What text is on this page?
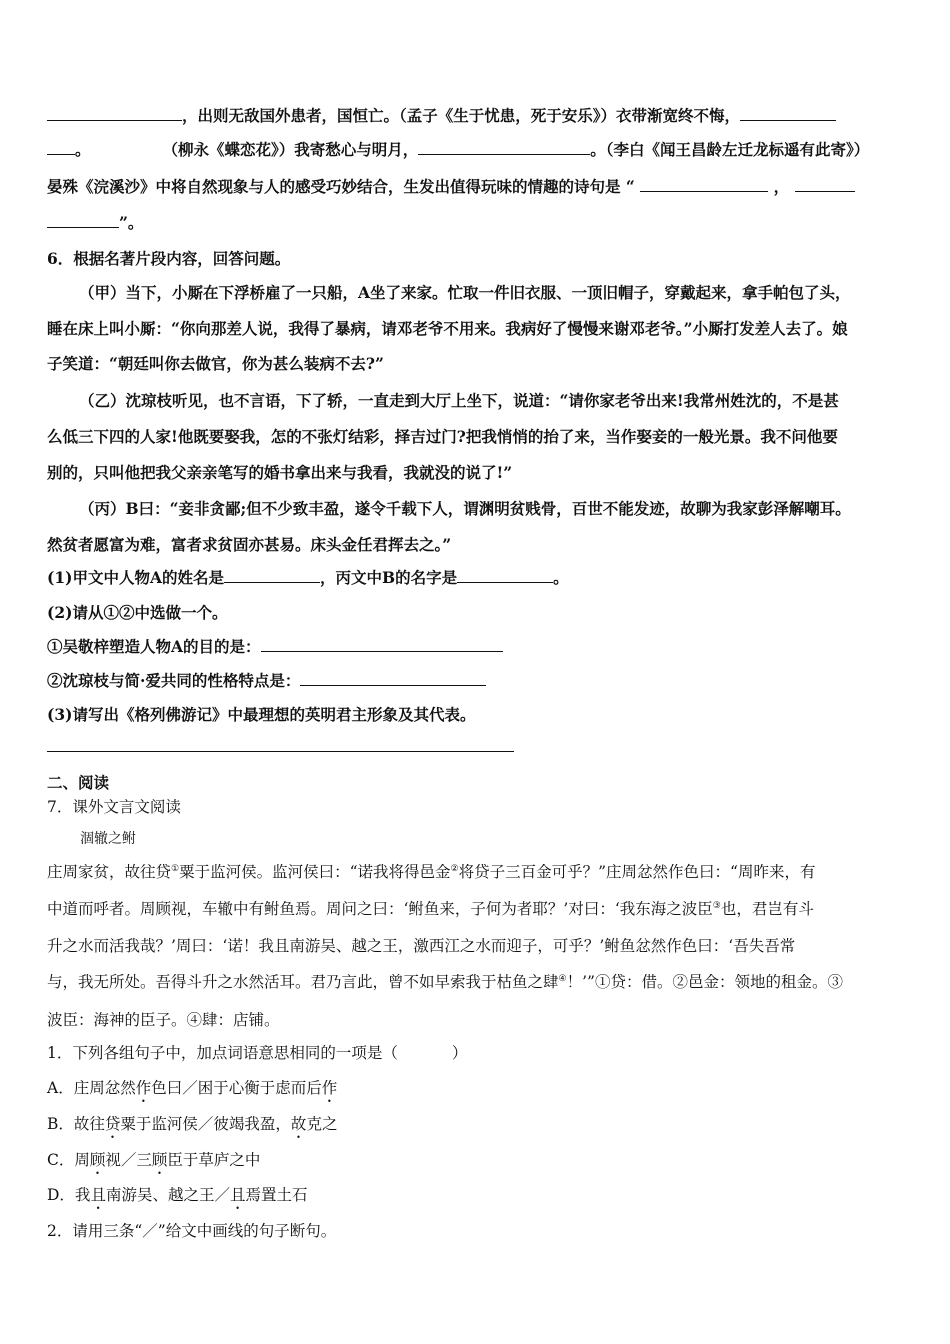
，出则无敌国外患者，国恒亡。（孟子《生于忧患，死于安乐》）衣带渐宽终不悔，
。	（柳永《蝶恋花》）我寄愁心与明月，	。（李白《闻王昌龄左迁龙标遥有此寄》）
晏殊《浣溪沙》中将自然现象与人的感受巧妙结合，生发出值得玩味的情趣的诗句是 “	，
”。
6．根据名著片段内容，回答问题。
（甲）当下，小厮在下浮桥雇了一只船，A坐了来家。忙取一件旧衣服、一顶旧帽子，穿戴起来，拿手帕包了头，
睡在床上叫小厮：“你向那差人说，我得了暴病，请邓老爷不用来。我病好了慢慢来谢邓老爷。”小厮打发差人去了。娘
子笑道：“朝廷叫你去做官，你为甚么装病不去?”
（乙）沈琼枝听见，也不言语，下了轿，一直走到大厅上坐下，说道：“请你家老爷出来!我常州姓沈的，不是甚
么低三下四的人家!他既要娶我，怎的不张灯结彩，择吉过门?把我悄悄的抬了来，当作娶妾的一般光景。我不问他要
别的，只叫他把我父亲亲笔写的婚书拿出来与我看，我就没的说了!”
（丙）B曰：“妾非贪鄙;但不少致丰盈，遂令千载下人，谓渊明贫贱骨，百世不能发迹，故聊为我家彭泽解嘲耳。
然贫者愿富为难，富者求贫固亦甚易。床头金任君挥去之。”
(1)甲文中人物A的姓名是	，丙文中B的名字是	。
(2)请从①②中选做一个。
①吴敬梓塑造人物A的目的是：
②沈琼枝与简·爱共同的性格特点是：
(3)请写出《格列佛游记》中最理想的英明君主形象及其代表。
二、阅读
7．课外文言文阅读
涸辙之鲋
庄周家贫，故往贷①粟于监河侯。监河侯曰：“诺我将得邑金②将贷子三百金可乎？”庄周忿然作色曰：“周昨来，有
中道而呼者。周顾视，车辙中有鲋鱼焉。周问之曰：‘鲋鱼来，子何为者耶？’对曰：‘我东海之波臣③也，君岂有斗
升之水而活我哉？’周曰：‘诺！我且南游吴、越之王，激西江之水而迎子，可乎？’鲋鱼忿然作色曰：‘吾失吾常
与，我无所处。吾得斗升之水然活耳。君乃言此，曾不如早索我于枯鱼之肆④！’”①贷：借。②邑金：领地的租金。③
波臣：海神的臣子。④肆：店铺。
1．下列各组句子中，加点词语意思相同的一项是（	）
A．庄周忿然作色曰／困于心衡于虑而后作
B．故往贷粟于监河侯／彼竭我盈，故克之
C．周顾视／三顾臣于草庐之中
D．我且南游吴、越之王／且焉置土石
2．请用三条“／”给文中画线的句子断句。
